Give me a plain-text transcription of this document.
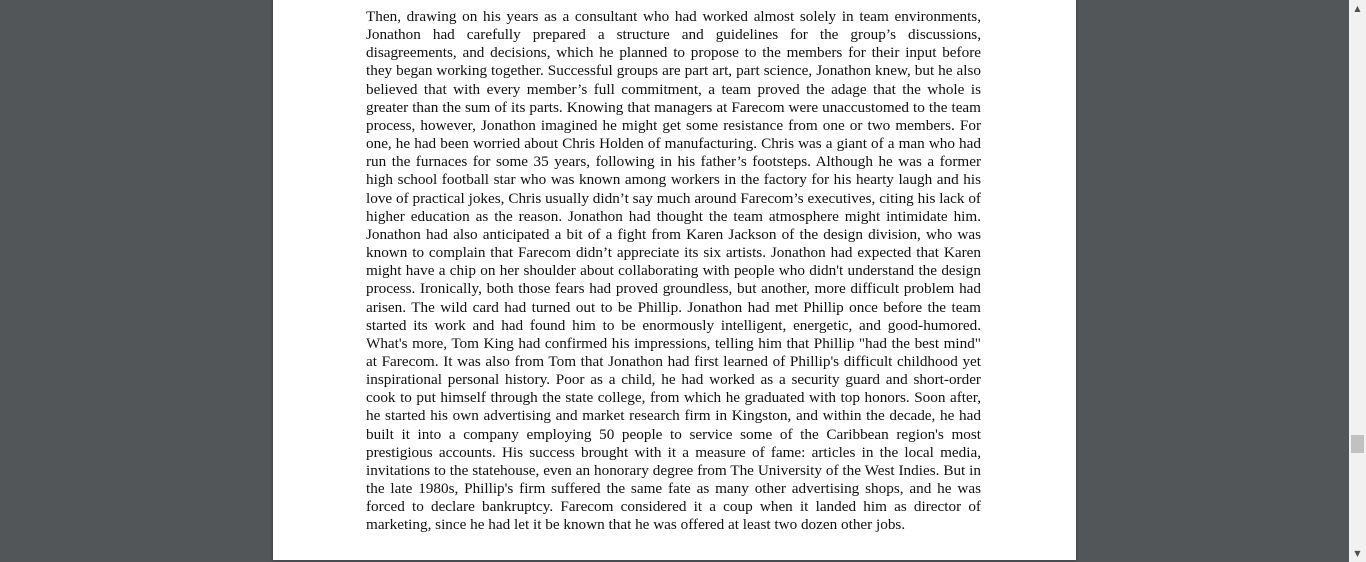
Then, drawing on his years as a consultant who had worked almost solely in team environments, Jonathon had carefully prepared a structure and guidelines for the group’s discussions, disagreements, and decisions, which he planned to propose to the members for their input before they began working together. Successful groups are part art, part science, Jonathon knew, but he also believed that with every member’s full commitment, a team proved the adage that the whole is greater than the sum of its parts. Knowing that managers at Farecom were unaccustomed to the team process, however, Jonathon imagined he might get some resistance from one or two members. For one, he had been worried about Chris Holden of manufacturing. Chris was a giant of a man who had run the furnaces for some 35 years, following in his father’s footsteps. Although he was a former high school football star who was known among workers in the factory for his hearty laugh and his love of practical jokes, Chris usually didn’t say much around Farecom’s executives, citing his lack of higher education as the reason. Jonathon had thought the team atmosphere might intimidate him. Jonathon had also anticipated a bit of a fight from Karen Jackson of the design division, who was known to complain that Farecom didn’t appreciate its six artists. Jonathon had expected that Karen might have a chip on her shoulder about collaborating with people who didn't understand the design process. Ironically, both those fears had proved groundless, but another, more difficult problem had arisen. The wild card had turned out to be Phillip. Jonathon had met Phillip once before the team started its work and had found him to be enormously intelligent, energetic, and good-humored. What's more, Tom King had confirmed his impressions, telling him that Phillip "had the best mind" at Farecom. It was also from Tom that Jonathon had first learned of Phillip's difficult childhood yet inspirational personal history. Poor as a child, he had worked as a security guard and short-order cook to put himself through the state college, from which he graduated with top honors. Soon after, he started his own advertising and market research firm in Kingston, and within the decade, he had built it into a company employing 50 people to service some of the Caribbean region's most prestigious accounts. His success brought with it a measure of fame: articles in the local media, invitations to the statehouse, even an honorary degree from The University of the West Indies. But in the late 1980s, Phillip's firm suffered the same fate as many other advertising shops, and he was forced to declare bankruptcy. Farecom considered it a coup when it landed him as director of marketing, since he had let it be known that he was offered at least two dozen other jobs.

▲
▼
